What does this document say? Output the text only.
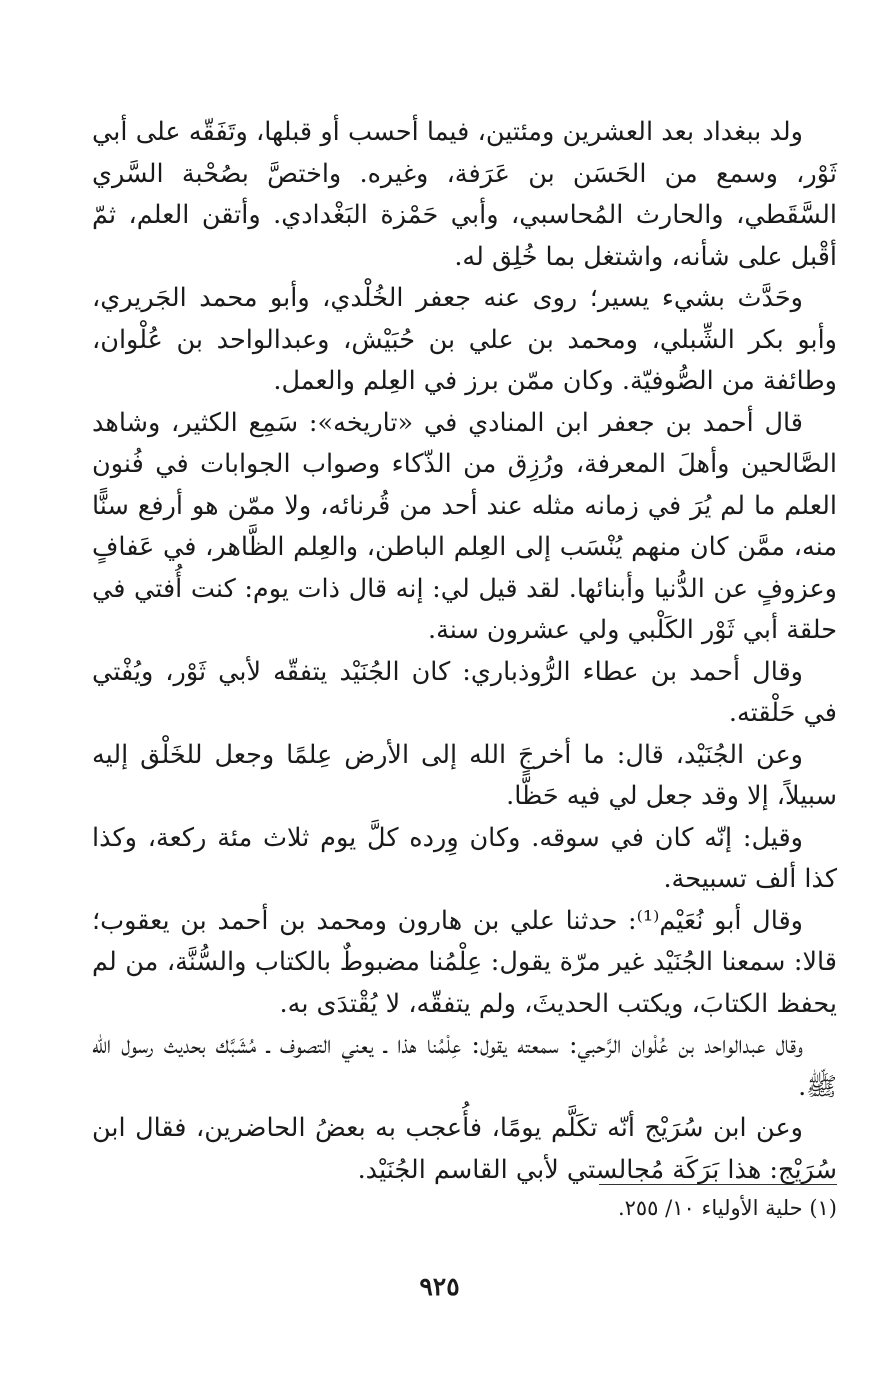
ولد ببغداد بعد العشرين ومئتين، فيما أحسب أو قبلها، وتَفَقّه على أبي ثَوْر، وسمع من الحَسَن بن عَرَفة، وغيره. واختصَّ بصُحْبة السَّري السَّقَطي، والحارث المُحاسبي، وأبي حَمْزة البَغْدادي. وأتقن العلم، ثمّ أقْبل على شأنه، واشتغل بما خُلِق له.

وحَدَّث بشيء يسير؛ روى عنه جعفر الخُلْدي، وأبو محمد الجَريري، وأبو بكر الشِّبلي، ومحمد بن علي بن حُبَيْش، وعبدالواحد بن عُلْوان، وطائفة من الصُّوفيّة. وكان ممّن برز في العِلم والعمل.

قال أحمد بن جعفر ابن المنادي في «تاريخه»: سَمِع الكثير، وشاهد الصَّالحين وأهلَ المعرفة، ورُزِق من الذّكاء وصواب الجوابات في فُنون العلم ما لم يُرَ في زمانه مثله عند أحد من قُرنائه، ولا ممّن هو أرفع سنًّا منه، ممَّن كان منهم يُنْسَب إلى العِلم الباطن، والعِلم الظَّاهر، في عَفافٍ وعزوفٍ عن الدُّنيا وأبنائها. لقد قيل لي: إنه قال ذات يوم: كنت أُفتي في حلقة أبي ثَوْر الكَلْبي ولي عشرون سنة.

وقال أحمد بن عطاء الرُّوذباري: كان الجُنَيْد يتفقّه لأبي ثَوْر، ويُفْتي في حَلْقته.

وعن الجُنَيْد، قال: ما أخرجَ الله إلى الأرض عِلمًا وجعل للخَلْق إليه سبيلاً، إلا وقد جعل لي فيه حَظًّا.

وقيل: إنّه كان في سوقه. وكان وِرده كلَّ يوم ثلاث مئة ركعة، وكذا كذا ألف تسبيحة.

وقال أبو نُعَيْم⁽¹⁾: حدثنا علي بن هارون ومحمد بن أحمد بن يعقوب؛ قالا: سمعنا الجُنَيْد غير مرّة يقول: عِلْمُنا مضبوطٌ بالكتاب والسُّنَّة، من لم يحفظ الكتابَ، ويكتب الحديثَ، ولم يتفقّه، لا يُقْتدَى به.

وقال عبدالواحد بن عُلْوان الرَّحبي: سمعته يقول: عِلْمُنا هذا ـ يعني التصوف ـ مُشَبَّك بحديث رسول الله ﷺ.

وعن ابن سُرَيْج أنّه تكَلَّم يومًا، فأُعجب به بعضُ الحاضرين، فقال ابن سُرَيْج: هذا بَرَكَة مُجالستي لأبي القاسم الجُنَيْد.

(١) حلية الأولياء ١٠/ ٢٥٥.
٩٢٥
